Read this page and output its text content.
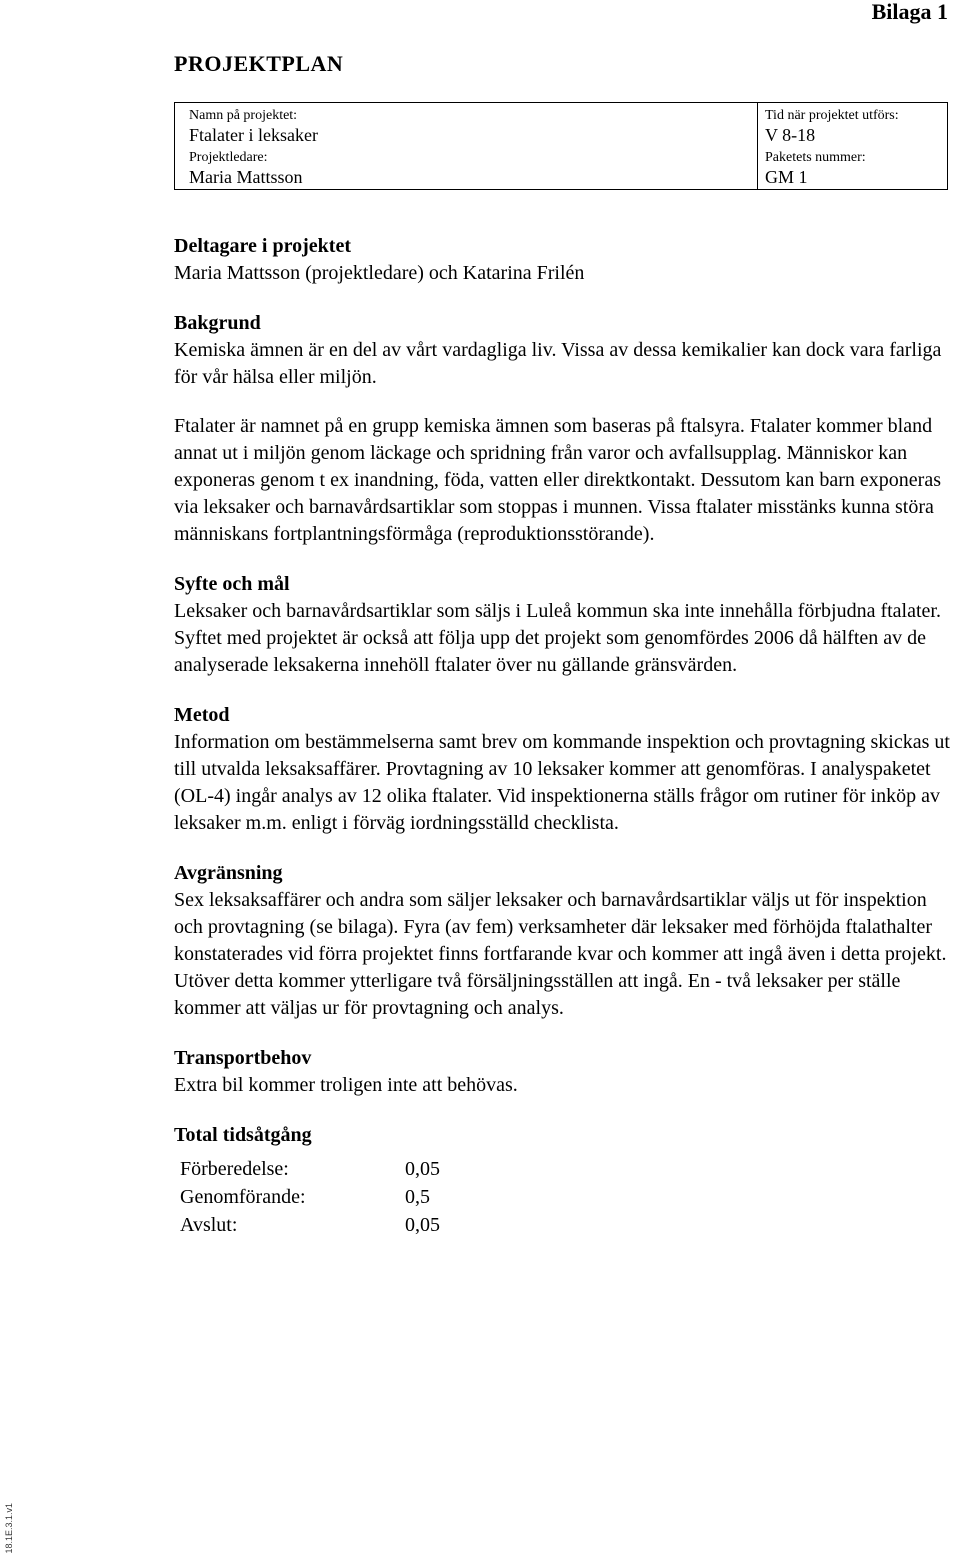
Bilaga 1
PROJEKTPLAN
Namn på projektet:
Ftalater i leksaker
Projektledare:
Maria Mattsson
Tid när projektet utförs:
V 8-18
Paketets nummer:
GM 1
Deltagare i projektet

Maria Mattsson (projektledare) och Katarina Frilén

Bakgrund

Kemiska ämnen är en del av vårt vardagliga liv. Vissa av dessa kemikalier kan dock vara farliga för vår hälsa eller miljön.

Ftalater är namnet på en grupp kemiska ämnen som baseras på ftalsyra. Ftalater kommer bland annat ut i miljön genom läckage och spridning från varor och avfallsupplag. Människor kan exponeras genom t ex inandning, föda, vatten eller direktkontakt. Dessutom kan barn exponeras via leksaker och barnavårdsartiklar som stoppas i munnen. Vissa ftalater misstänks kunna störa människans fortplantningsförmåga (reproduktionsstörande).

Syfte och mål

Leksaker och barnavårdsartiklar som säljs i Luleå kommun ska inte innehålla förbjudna ftalater. Syftet med projektet är också att följa upp det projekt som genomfördes 2006 då hälften av de analyserade leksakerna innehöll ftalater över nu gällande gränsvärden.

Metod

Information om bestämmelserna samt brev om kommande inspektion och provtagning skickas ut till utvalda leksaksaffärer. Provtagning av 10 leksaker kommer att genomföras. I analyspaketet (OL-4) ingår analys av 12 olika ftalater. Vid inspektionerna ställs frågor om rutiner för inköp av leksaker m.m. enligt i förväg iordningsställd checklista.

Avgränsning

Sex leksaksaffärer och andra som säljer leksaker och barnavårdsartiklar väljs ut för inspektion och provtagning (se bilaga). Fyra (av fem) verksamheter där leksaker med förhöjda ftalathalter konstaterades vid förra projektet finns fortfarande kvar och kommer att ingå även i detta projekt. Utöver detta kommer ytterligare två försäljningsställen att ingå. En - två leksaker per ställe kommer att väljas ur för provtagning och analys.

Transportbehov

Extra bil kommer troligen inte att behövas.

Total tidsåtgång
Förberedelse:	0,05
Genomförande:	0,5
Avslut:	0,05
18.1E.3.1.v1
